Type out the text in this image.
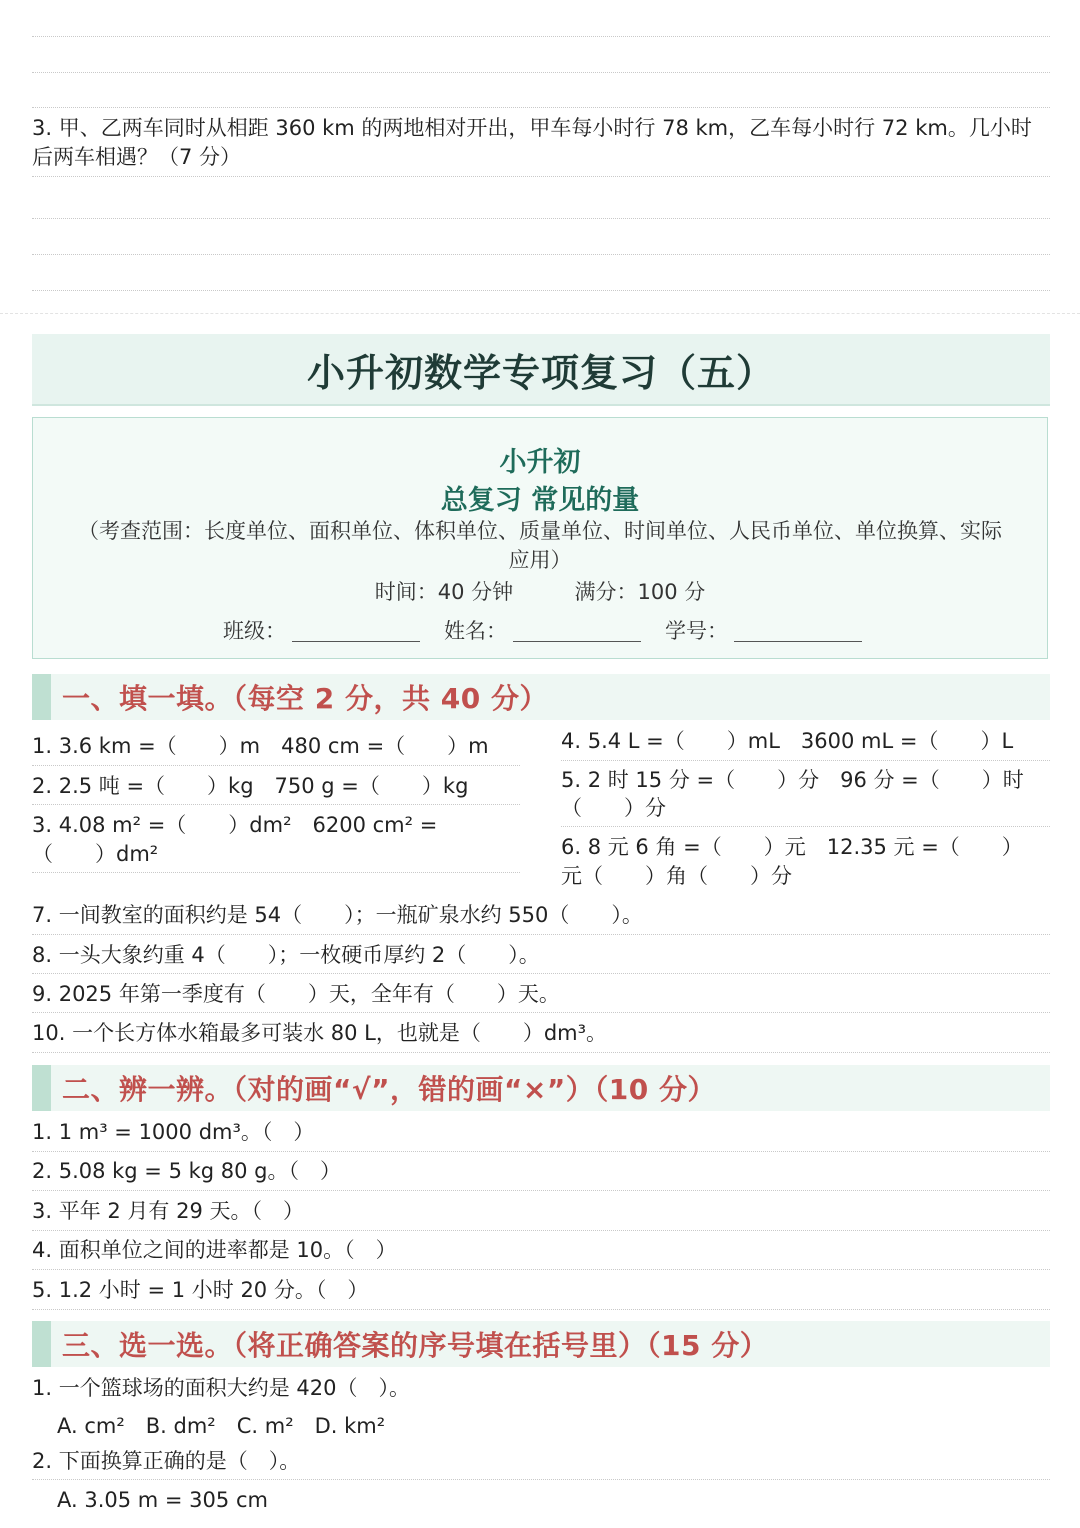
3. 甲、乙两车同时从相距 360 km 的两地相对开出，甲车每小时行 78 km，乙车每小时行 72 km。几小时
后两车相遇？（7 分）
小升初数学专项复习（五）
小升初
总复习 常见的量
（考查范围：长度单位、面积单位、体积单位、质量单位、时间单位、人民币单位、单位换算、实际
应用）
时间：40 分钟	满分：100 分
班级：	姓名：	学号：
一、填一填。（每空 2 分，共 40 分）
1. 3.6 km =（　　）m　480 cm =（　　）m
2. 2.5 吨 =（　　）kg　750 g =（　　）kg
3. 4.08 m² =（　　）dm²　6200 cm² =
（　　）dm²
4. 5.4 L =（　　）mL　3600 mL =（　　）L
5. 2 时 15 分 =（　　）分　96 分 =（　　）时
（　　）分
6. 8 元 6 角 =（　　）元　12.35 元 =（　　）
元（　　）角（　　）分
7. 一间教室的面积约是 54（　　）；一瓶矿泉水约 550（　　）。
8. 一头大象约重 4（　　）；一枚硬币厚约 2（　　）。
9. 2025 年第一季度有（　　）天，全年有（　　）天。
10. 一个长方体水箱最多可装水 80 L，也就是（　　）dm³。
二、辨一辨。（对的画“√”，错的画“×”）（10 分）
1. 1 m³ = 1000 dm³。（　）
2. 5.08 kg = 5 kg 80 g。（　）
3. 平年 2 月有 29 天。（　）
4. 面积单位之间的进率都是 10。（　）
5. 1.2 小时 = 1 小时 20 分。（　）
三、选一选。（将正确答案的序号填在括号里）（15 分）
1. 一个篮球场的面积大约是 420（　）。
A. cm²　B. dm²　C. m²　D. km²
2. 下面换算正确的是（　）。
A. 3.05 m = 305 cm
